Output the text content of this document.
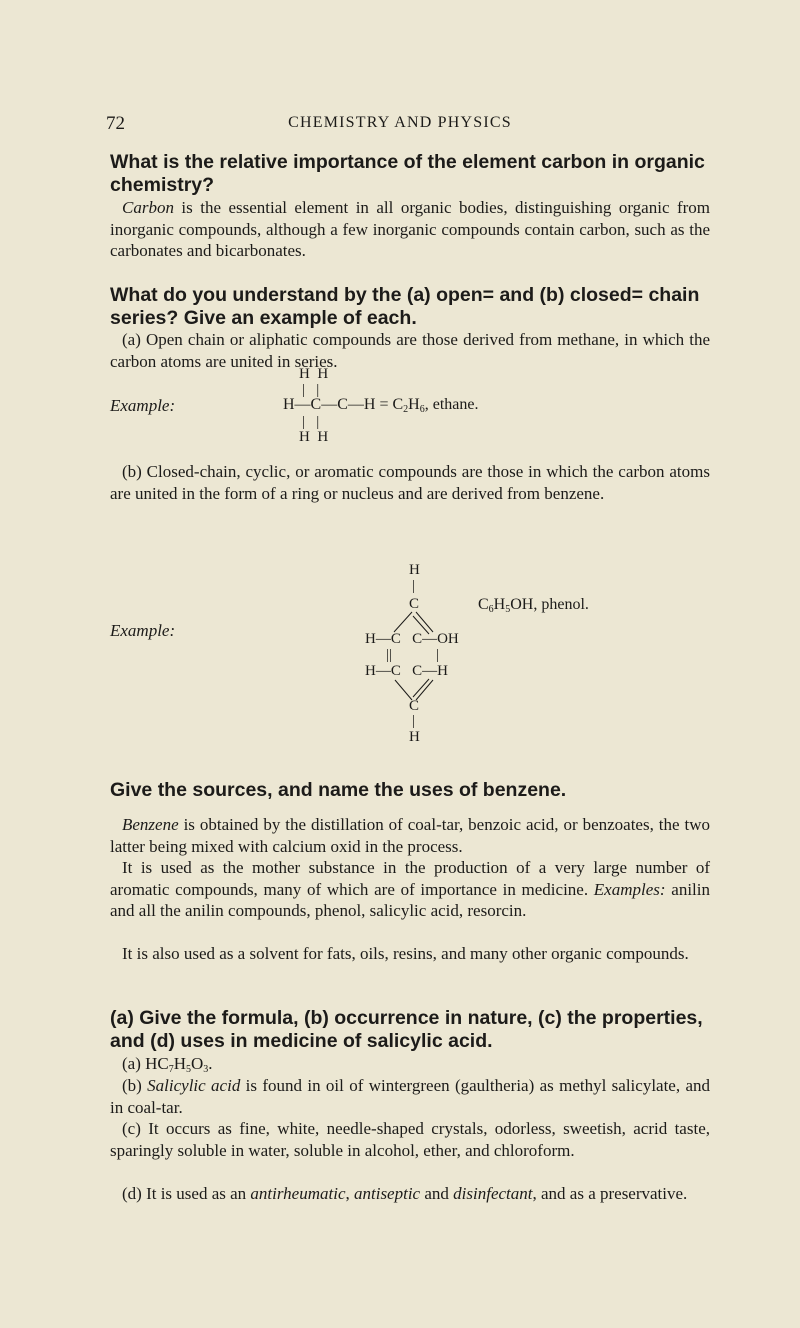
72	CHEMISTRY AND PHYSICS
What is the relative importance of the element carbon in organic chemistry?
Carbon is the essential element in all organic bodies, distinguishing organic from inorganic compounds, although a few inorganic compounds contain carbon, such as the carbonates and bicarbonates.
What do you understand by the (a) open= and (b) closed= chain series? Give an example of each.
(a) Open chain or aliphatic compounds are those derived from methane, in which the carbon atoms are united in series.
Example:
H  H
|   |
H—C—C—H = $C_2H_6$, ethane.
|   |
H  H
(b) Closed-chain, cyclic, or aromatic compounds are those in which the carbon atoms are united in the form of a ring or nucleus and are derived from benzene.
Example:
H
|
C	$C_6H_5OH$, phenol.
H—C   C—OH
||	|
H—C   C—H
C
|
H
Give the sources, and name the uses of benzene.
Benzene is obtained by the distillation of coal-tar, benzoic acid, or benzoates, the two latter being mixed with calcium oxid in the process.
It is used as the mother substance in the production of a very large number of aromatic compounds, many of which are of importance in medicine. Examples: anilin and all the anilin compounds, phenol, salicylic acid, resorcin.
It is also used as a solvent for fats, oils, resins, and many other organic compounds.
(a) Give the formula, (b) occurrence in nature, (c) the properties, and (d) uses in medicine of salicylic acid.
(a) $HC_7H_5O_3$.
(b) Salicylic acid is found in oil of wintergreen (gaultheria) as methyl salicylate, and in coal-tar.
(c) It occurs as fine, white, needle-shaped crystals, odorless, sweetish, acrid taste, sparingly soluble in water, soluble in alcohol, ether, and chloroform.
(d) It is used as an antirheumatic, antiseptic and disinfectant, and as a preservative.
